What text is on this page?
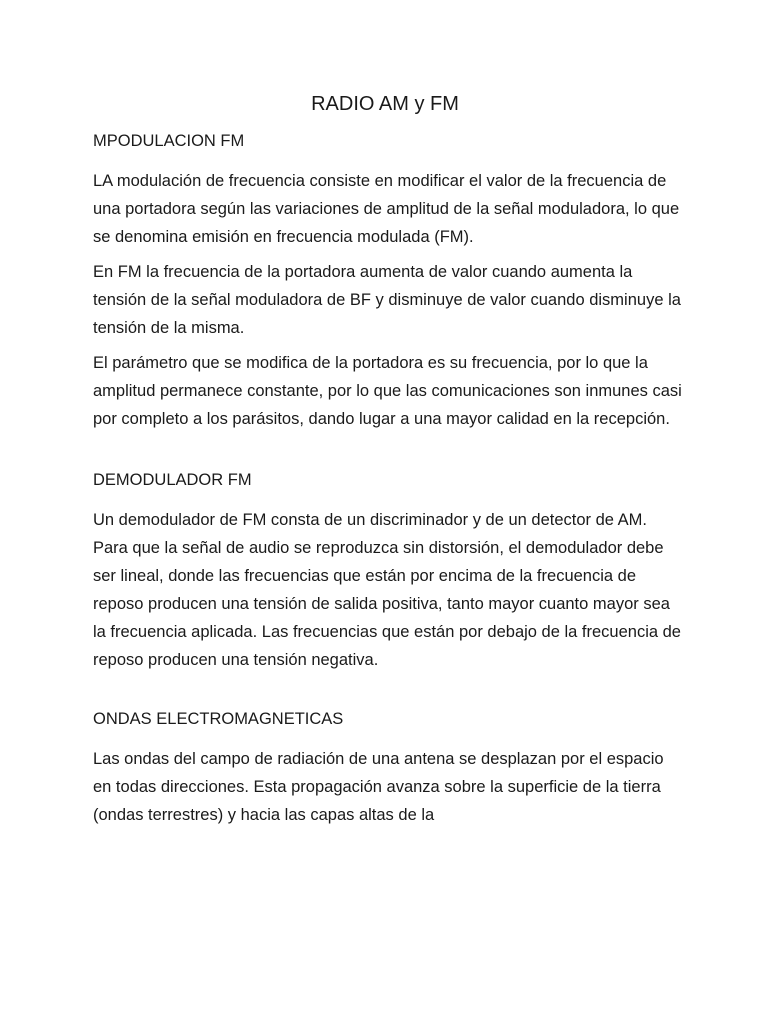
RADIO AM y FM
MPODULACION FM

LA modulación de frecuencia consiste en modificar el valor de la frecuencia de una portadora según las variaciones de amplitud de la señal moduladora, lo que se denomina emisión en frecuencia modulada (FM).

En FM la frecuencia de la portadora aumenta de valor cuando aumenta la tensión de la señal moduladora de BF y disminuye de valor cuando disminuye la tensión de la misma.

El parámetro que se modifica de la portadora es su frecuencia, por lo que la amplitud permanece constante, por lo que las comunicaciones son inmunes casi por completo a los parásitos, dando lugar a una mayor calidad en la recepción.

DEMODULADOR FM

Un demodulador de FM consta de un discriminador y de un detector de AM. Para que la señal de audio se reproduzca sin distorsión, el demodulador debe ser lineal, donde las frecuencias que están por encima de la frecuencia de reposo producen una tensión de salida positiva, tanto mayor cuanto mayor sea la frecuencia aplicada. Las frecuencias que están por debajo de la frecuencia de reposo producen una tensión negativa.

ONDAS ELECTROMAGNETICAS

Las ondas del campo de radiación de una antena se desplazan por el espacio en todas direcciones. Esta propagación avanza sobre la superficie de la tierra (ondas terrestres) y hacia las capas altas de la
